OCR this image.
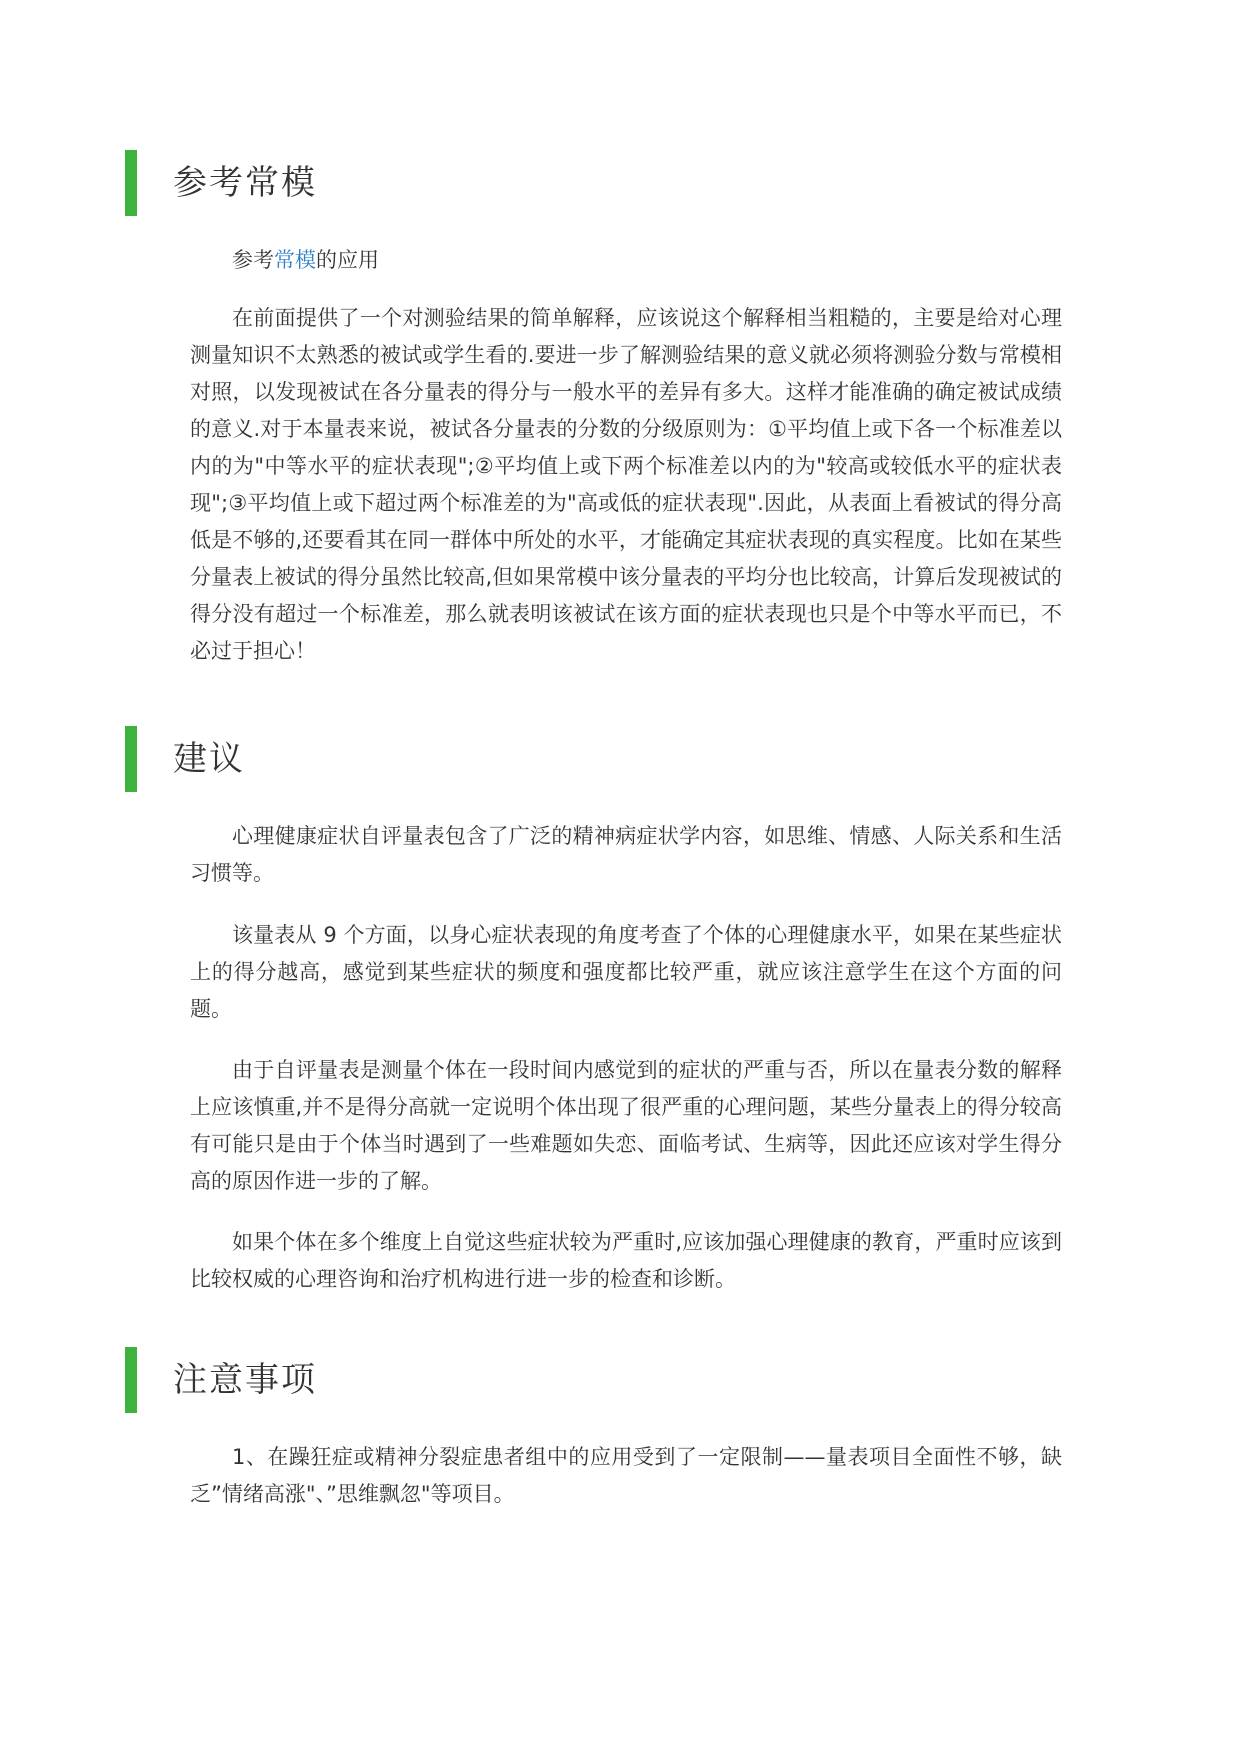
参考常模

参考常模的应用

在前面提供了一个对测验结果的简单解释，应该说这个解释相当粗糙的，主要是给对心理测量知识不太熟悉的被试或学生看的.要进一步了解测验结果的意义就必须将测验分数与常模相对照，以发现被试在各分量表的得分与一般水平的差异有多大。这样才能准确的确定被试成绩的意义.对于本量表来说，被试各分量表的分数的分级原则为：①平均值上或下各一个标准差以内的为"中等水平的症状表现";②平均值上或下两个标准差以内的为"较高或较低水平的症状表现";③平均值上或下超过两个标准差的为"高或低的症状表现".因此，从表面上看被试的得分高低是不够的,还要看其在同一群体中所处的水平，才能确定其症状表现的真实程度。比如在某些分量表上被试的得分虽然比较高,但如果常模中该分量表的平均分也比较高，计算后发现被试的得分没有超过一个标准差，那么就表明该被试在该方面的症状表现也只是个中等水平而已，不必过于担心！

建议

心理健康症状自评量表包含了广泛的精神病症状学内容，如思维、情感、人际关系和生活习惯等。

该量表从 9 个方面，以身心症状表现的角度考查了个体的心理健康水平，如果在某些症状上的得分越高，感觉到某些症状的频度和强度都比较严重，就应该注意学生在这个方面的问题。

由于自评量表是测量个体在一段时间内感觉到的症状的严重与否，所以在量表分数的解释上应该慎重,并不是得分高就一定说明个体出现了很严重的心理问题，某些分量表上的得分较高有可能只是由于个体当时遇到了一些难题如失恋、面临考试、生病等，因此还应该对学生得分高的原因作进一步的了解。

如果个体在多个维度上自觉这些症状较为严重时,应该加强心理健康的教育，严重时应该到比较权威的心理咨询和治疗机构进行进一步的检查和诊断。

注意事项

1、在躁狂症或精神分裂症患者组中的应用受到了一定限制——量表项目全面性不够，缺乏”情绪高涨"、”思维飘忽"等项目。
